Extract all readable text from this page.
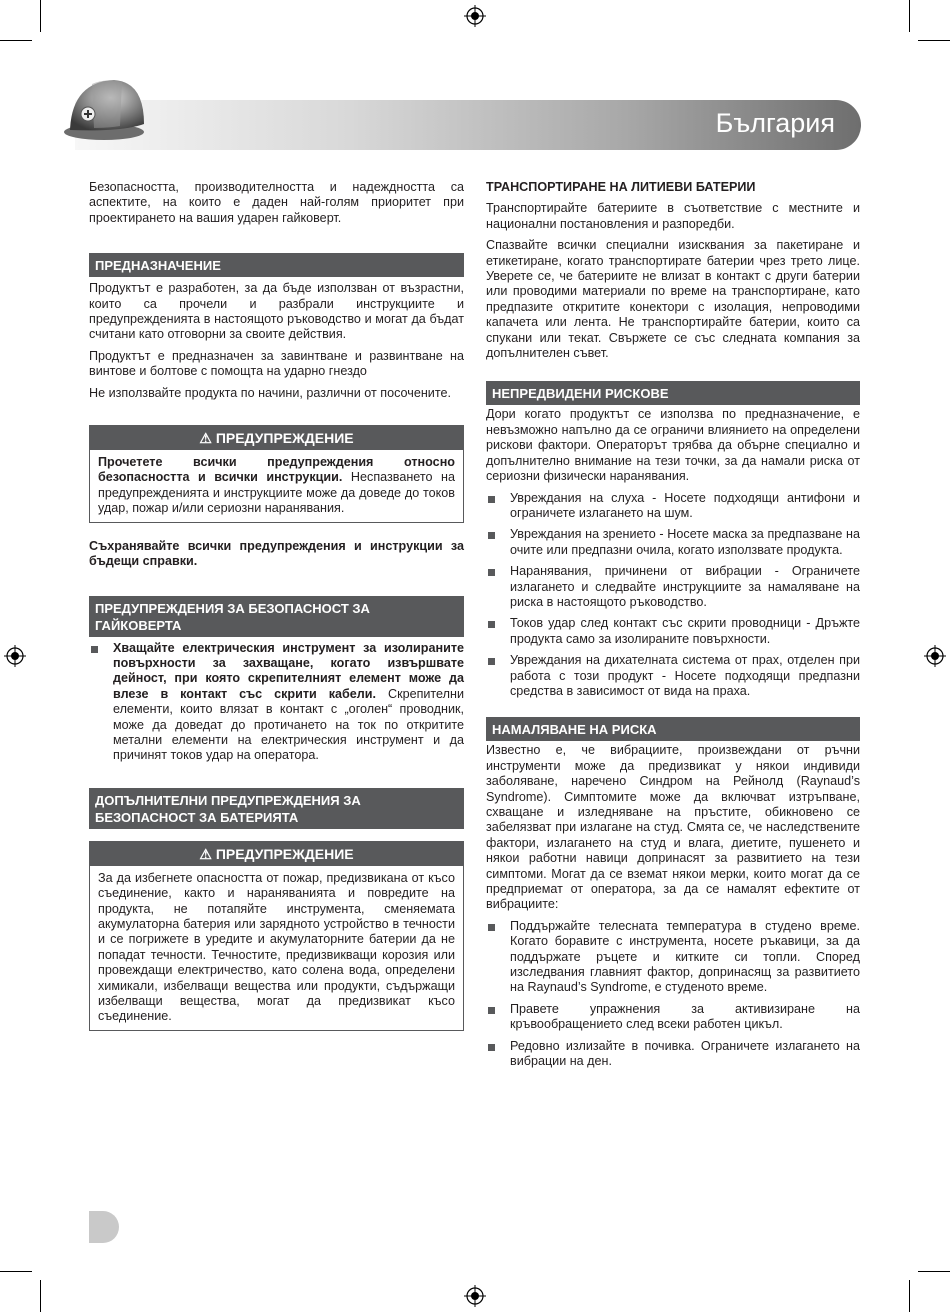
България
Безопасността, производителността и надеждността са аспектите, на които е даден най-голям приоритет при проектирането на вашия ударен гайковерт.
ПРЕДНАЗНАЧЕНИЕ
Продуктът е разработен, за да бъде използван от възрастни, които са прочели и разбрали инструкциите и предупрежденията в настоящото ръководство и могат да бъдат считани като отговорни за своите действия.
Продуктът е предназначен за завинтване и развинтване на винтове и болтове с помощта на ударно гнездо
Не използвайте продукта по начини, различни от посочените.
⚠ ПРЕДУПРЕЖДЕНИЕ
Прочетете всички предупреждения относно безопасността и всички инструкции. Неспазването на предупрежденията и инструкциите може да доведе до токов удар, пожар и/или сериозни наранявания.
Съхранявайте всички предупреждения и инструкции за бъдещи справки.
ПРЕДУПРЕЖДЕНИЯ ЗА БЕЗОПАСНОСТ ЗА ГАЙКОВЕРТА
Хващайте електрическия инструмент за изолираните повърхности за захващане, когато извършвате дейност, при която скрепителният елемент може да влезе в контакт със скрити кабели. Скрепителни елементи, които влязат в контакт с „оголен“ проводник, може да доведат до протичането на ток по откритите метални елементи на електрическия инструмент и да причинят токов удар на оператора.
ДОПЪЛНИТЕЛНИ ПРЕДУПРЕЖДЕНИЯ ЗА БЕЗОПАСНОСТ ЗА БАТЕРИЯТА
⚠ ПРЕДУПРЕЖДЕНИЕ
За да избегнете опасността от пожар, предизвикана от късо съединение, както и нараняванията и повредите на продукта, не потапяйте инструмента, сменяемата акумулаторна батерия или зарядното устройство в течности и се погрижете в уредите и акумулаторните батерии да не попадат течности. Течностите, предизвикващи корозия или провеждащи електричество, като солена вода, определени химикали, избелващи вещества или продукти, съдържащи избелващи вещества, могат да предизвикат късо съединение.
ТРАНСПОРТИРАНЕ НА ЛИТИЕВИ БАТЕРИИ
Транспортирайте батериите в съответствие с местните и национални постановления и разпоредби.
Спазвайте всички специални изисквания за пакетиране и етикетиране, когато транспортирате батерии чрез трето лице. Уверете се, че батериите не влизат в контакт с други батерии или проводими материали по време на транспортиране, като предпазите откритите конектори с изолация, непроводими капачета или лента. Не транспортирайте батерии, които са спукани или текат. Свържете се със следната компания за допълнителен съвет.
НЕПРЕДВИДЕНИ РИСКОВЕ
Дори когато продуктът се използва по предназначение, е невъзможно напълно да се ограничи влиянието на определени рискови фактори. Операторът трябва да обърне специално и допълнително внимание на тези точки, за да намали риска от сериозни физически наранявания.
Увреждания на слуха - Носете подходящи антифони и ограничете излагането на шум.
Увреждания на зрението - Носете маска за предпазване на очите или предпазни очила, когато използвате продукта.
Наранявания, причинени от вибрации - Ограничете излагането и следвайте инструкциите за намаляване на риска в настоящото ръководство.
Токов удар след контакт със скрити проводници - Дръжте продукта само за изолираните повърхности.
Увреждания на дихателната система от прах, отделен при работа с този продукт - Носете подходящи предпазни средства в зависимост от вида на праха.
НАМАЛЯВАНЕ НА РИСКА
Известно е, че вибрациите, произвеждани от ръчни инструменти може да предизвикат у някои индивиди заболяване, наречено Синдром на Рейнолд (Raynaud’s Syndrome). Симптомите може да включват изтръпване, схващане и изледняване на пръстите, обикновено се забелязват при излагане на студ. Смята се, че наследствените фактори, излагането на студ и влага, диетите, пушенето и някои работни навици допринасят за развитието на тези симптоми. Могат да се вземат някои мерки, които могат да се предприемат от оператора, за да се намалят ефектите от вибрациите:
Поддържайте телесната температура в студено време. Когато боравите с инструмента, носете ръкавици, за да поддържате ръцете и китките си топли. Според изследвания главният фактор, допринасящ за развитието на Raynaud’s Syndrome, е студеното време.
Правете упражнения за активизиране на кръвообращението след всеки работен цикъл.
Редовно излизайте в почивка. Ограничете излагането на вибрации на ден.
